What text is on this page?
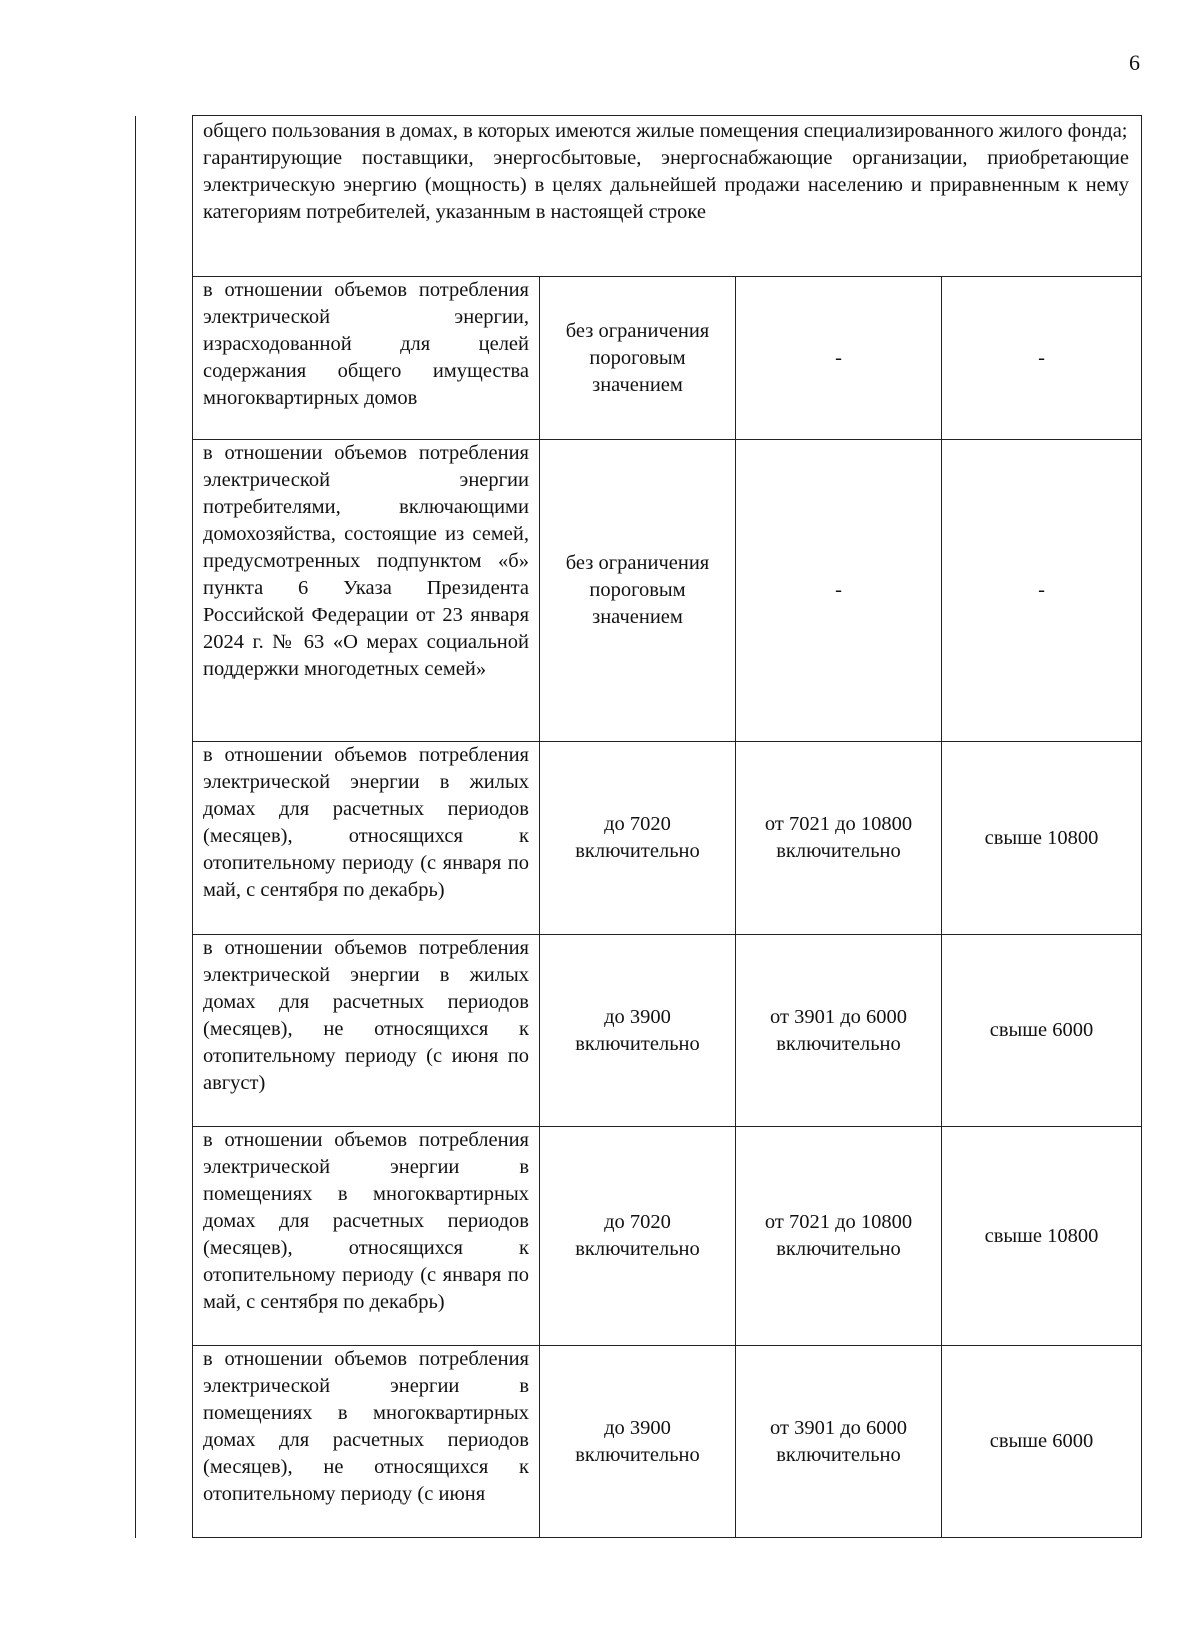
6

	общего пользования в домах, в которых имеются жилые помещения специализированного жилого фонда;

гарантирующие поставщики, энергосбытовые, энергоснабжающие организации, приобретающие электрическую энергию (мощность) в целях дальнейшей продажи населению и приравненным к нему категориям потребителей, указанным в настоящей строке			

	в отношении объемов потребления электрической энергии, израсходованной для целей содержания общего имущества многоквартирных домов	без ограничения пороговым значением	-	-
	в отношении объемов потребления электрической энергии потребителями, включающими домохозяйства, состоящие из семей, предусмотренных подпунктом «б» пункта 6 Указа Президента Российской Федерации от 23 января 2024 г. № 63 «О мерах социальной поддержки многодетных семей»	без ограничения пороговым значением	-	-
	в отношении объемов потребления электрической энергии в жилых домах для расчетных периодов (месяцев), относящихся к отопительному периоду (с января по май, с сентября по декабрь)	до 7020 включительно	от 7021 до 10800 включительно	свыше 10800
	в отношении объемов потребления электрической энергии в жилых домах для расчетных периодов (месяцев), не относящихся к отопительному периоду (с июня по август)	до 3900 включительно	от 3901 до 6000 включительно	свыше 6000
	в отношении объемов потребления электрической энергии в помещениях в многоквартирных домах для расчетных периодов (месяцев), относящихся к отопительному периоду (с января по май, с сентября по декабрь)	до 7020 включительно	от 7021 до 10800 включительно	свыше 10800
	в отношении объемов потребления электрической энергии в помещениях в многоквартирных домах для расчетных периодов (месяцев), не относящихся к отопительному периоду (с июня	до 3900 включительно	от 3901 до 6000 включительно	свыше 6000
